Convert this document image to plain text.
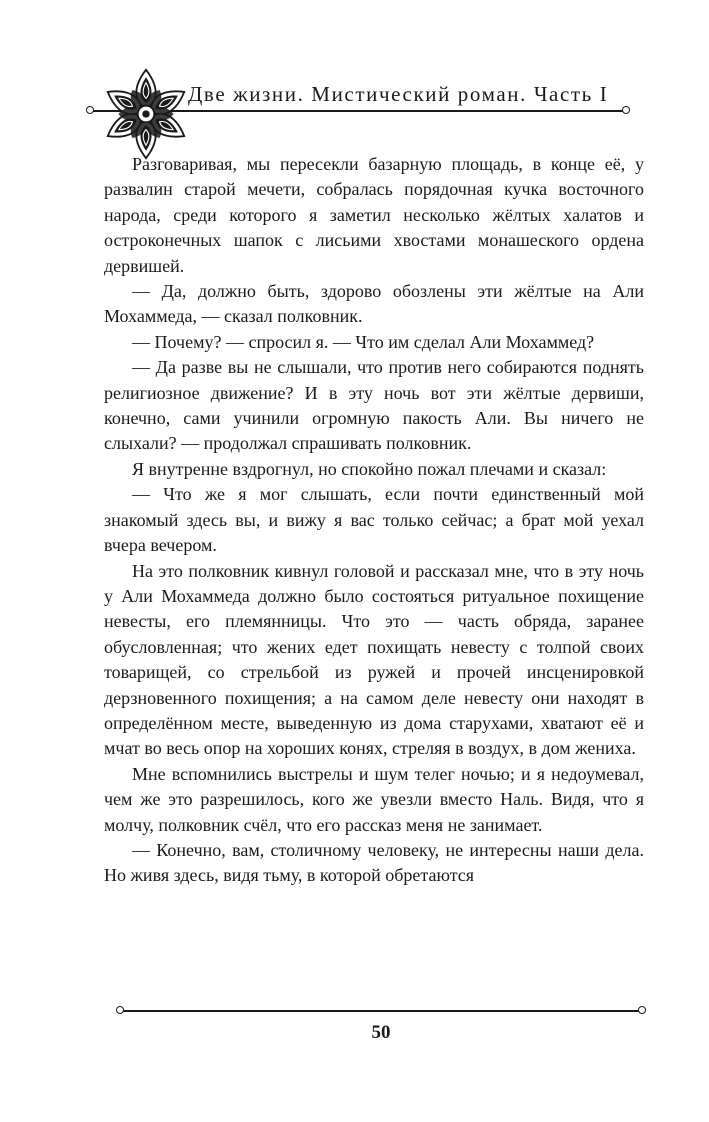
Две жизни. Мистический роман. Часть I

Разговаривая, мы пересекли базарную площадь, в конце её, у развалин старой мечети, собралась порядочная кучка восточного народа, среди которого я заметил несколько жёлтых халатов и остроконечных шапок с лисьими хвостами монашеского ордена дервишей.

— Да, должно быть, здорово обозлены эти жёлтые на Али Мохаммеда, — сказал полковник.

— Почему? — спросил я. — Что им сделал Али Мохаммед?

— Да разве вы не слышали, что против него собираются поднять религиозное движение? И в эту ночь вот эти жёлтые дервиши, конечно, сами учинили огромную пакость Али. Вы ничего не слыхали? — продолжал спрашивать полковник.

Я внутренне вздрогнул, но спокойно пожал плечами и сказал:

— Что же я мог слышать, если почти единственный мой знакомый здесь вы, и вижу я вас только сейчас; а брат мой уехал вчера вечером.

На это полковник кивнул головой и рассказал мне, что в эту ночь у Али Мохаммеда должно было состояться ритуальное похищение невесты, его племянницы. Что это — часть обряда, заранее обусловленная; что жених едет похищать невесту с толпой своих товарищей, со стрельбой из ружей и прочей инсценировкой дерзновенного похищения; а на самом деле невесту они находят в определённом месте, выведенную из дома старухами, хватают её и мчат во весь опор на хороших конях, стреляя в воздух, в дом жениха.

Мне вспомнились выстрелы и шум телег ночью; и я недоумевал, чем же это разрешилось, кого же увезли вместо Наль. Видя, что я молчу, полковник счёл, что его рассказ меня не занимает.

— Конечно, вам, столичному человеку, не интересны наши дела. Но живя здесь, видя тьму, в которой обретаются

50
